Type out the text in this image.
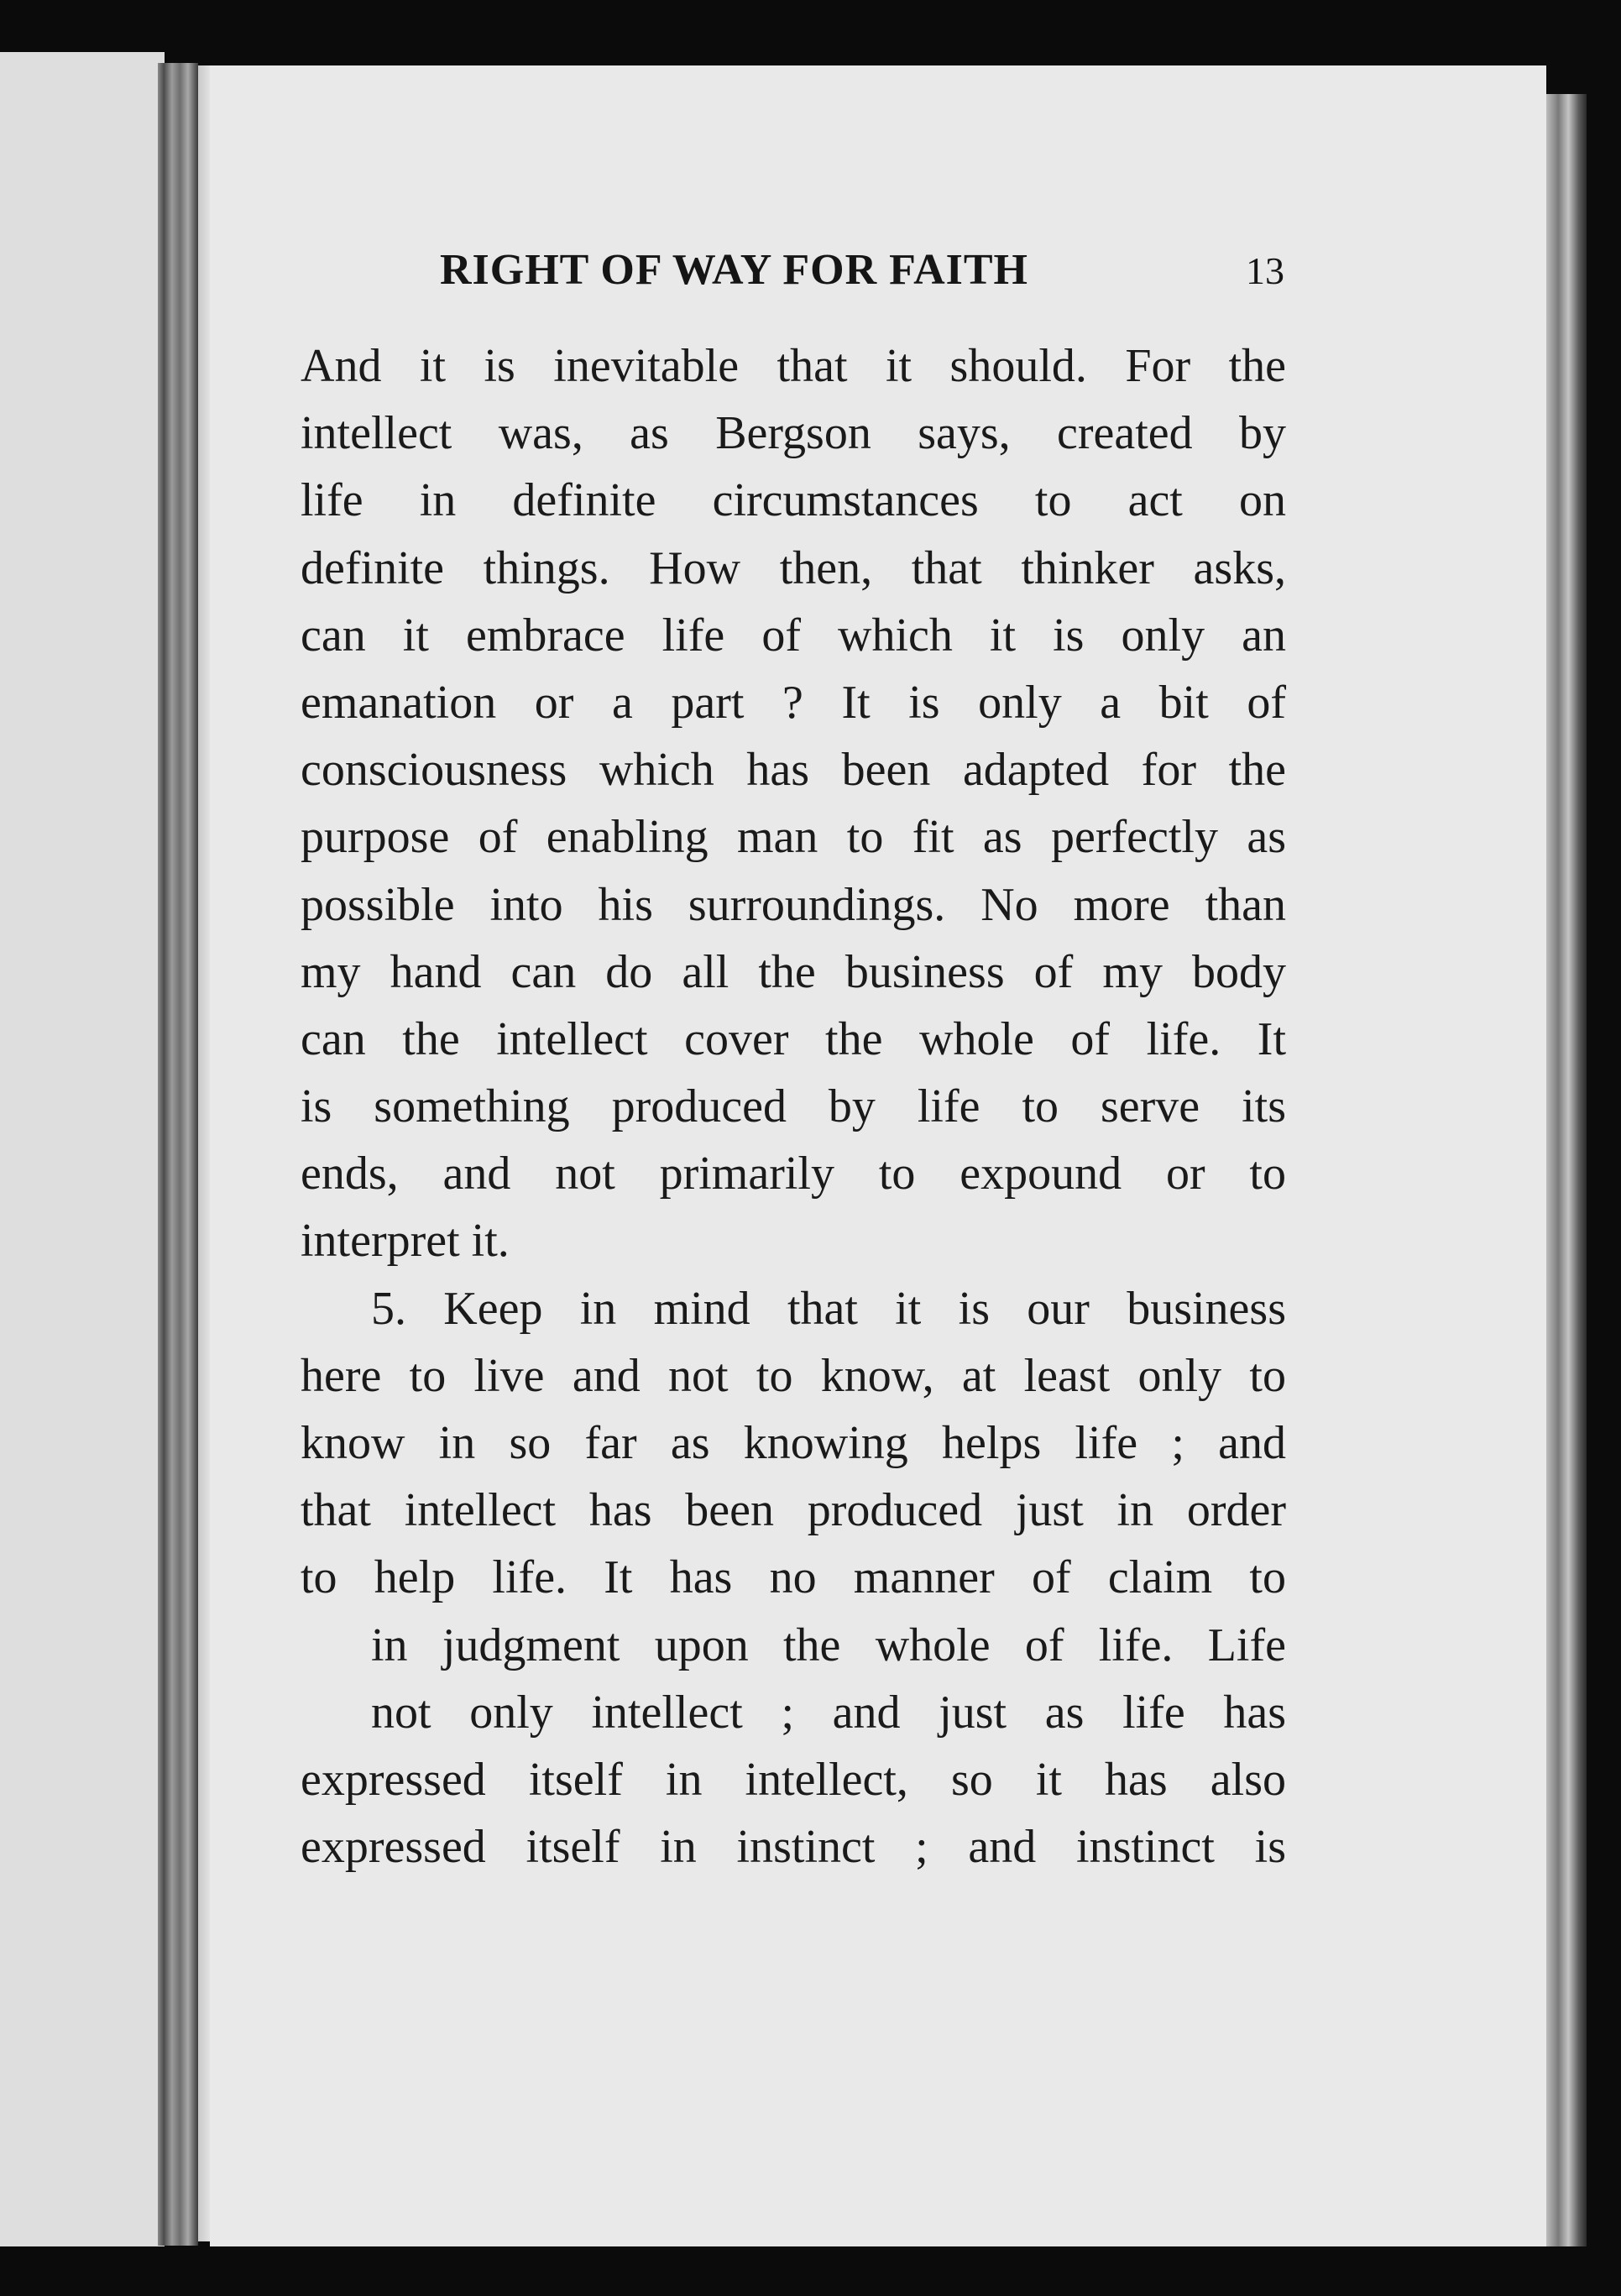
RIGHT OF WAY FOR FAITH	13
And it is inevitable that it should. For the
intellect was, as Bergson says, created by
life in definite circumstances to act on
definite things. How then, that thinker asks,
can it embrace life of which it is only an
emanation or a part ? It is only a bit of
consciousness which has been adapted for the
purpose of enabling man to fit as perfectly as
possible into his surroundings. No more than
my hand can do all the business of my body
can the intellect cover the whole of life. It
is something produced by life to serve its
ends, and not primarily to expound or to
interpret it.
5. Keep in mind that it is our business
here to live and not to know, at least only to
know in so far as knowing helps life ; and
that intellect has been produced just in order
to help life. It has no manner of claim to
in judgment upon the whole of life. Life
not only intellect ; and just as life has
expressed itself in intellect, so it has also
expressed itself in instinct ; and instinct is
